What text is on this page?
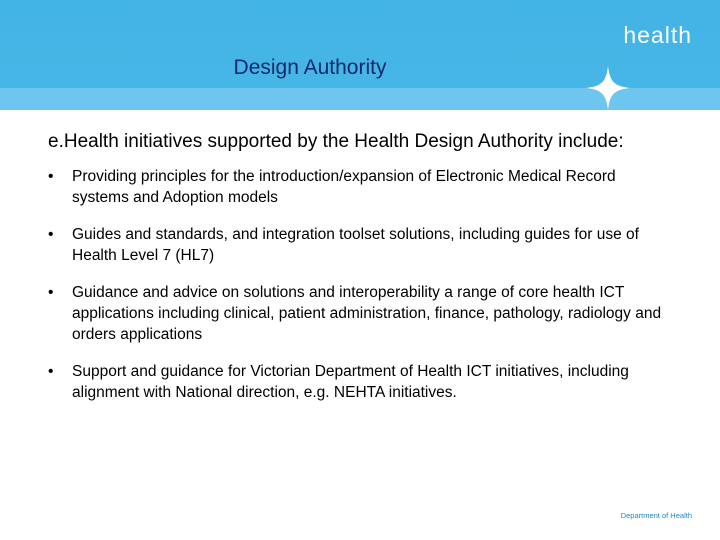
Design Authority
health

e.Health initiatives supported by the Health Design Authority include:

• Providing principles for the introduction/expansion of Electronic Medical Record systems and Adoption models
• Guides and standards, and integration toolset solutions, including guides for use of Health Level 7 (HL7)
• Guidance and advice on solutions and interoperability a range of core health ICT applications including clinical, patient administration, finance, pathology, radiology and orders applications
• Support and guidance for Victorian Department of Health ICT initiatives, including alignment with National direction, e.g. NEHTA initiatives.
Department of Health
